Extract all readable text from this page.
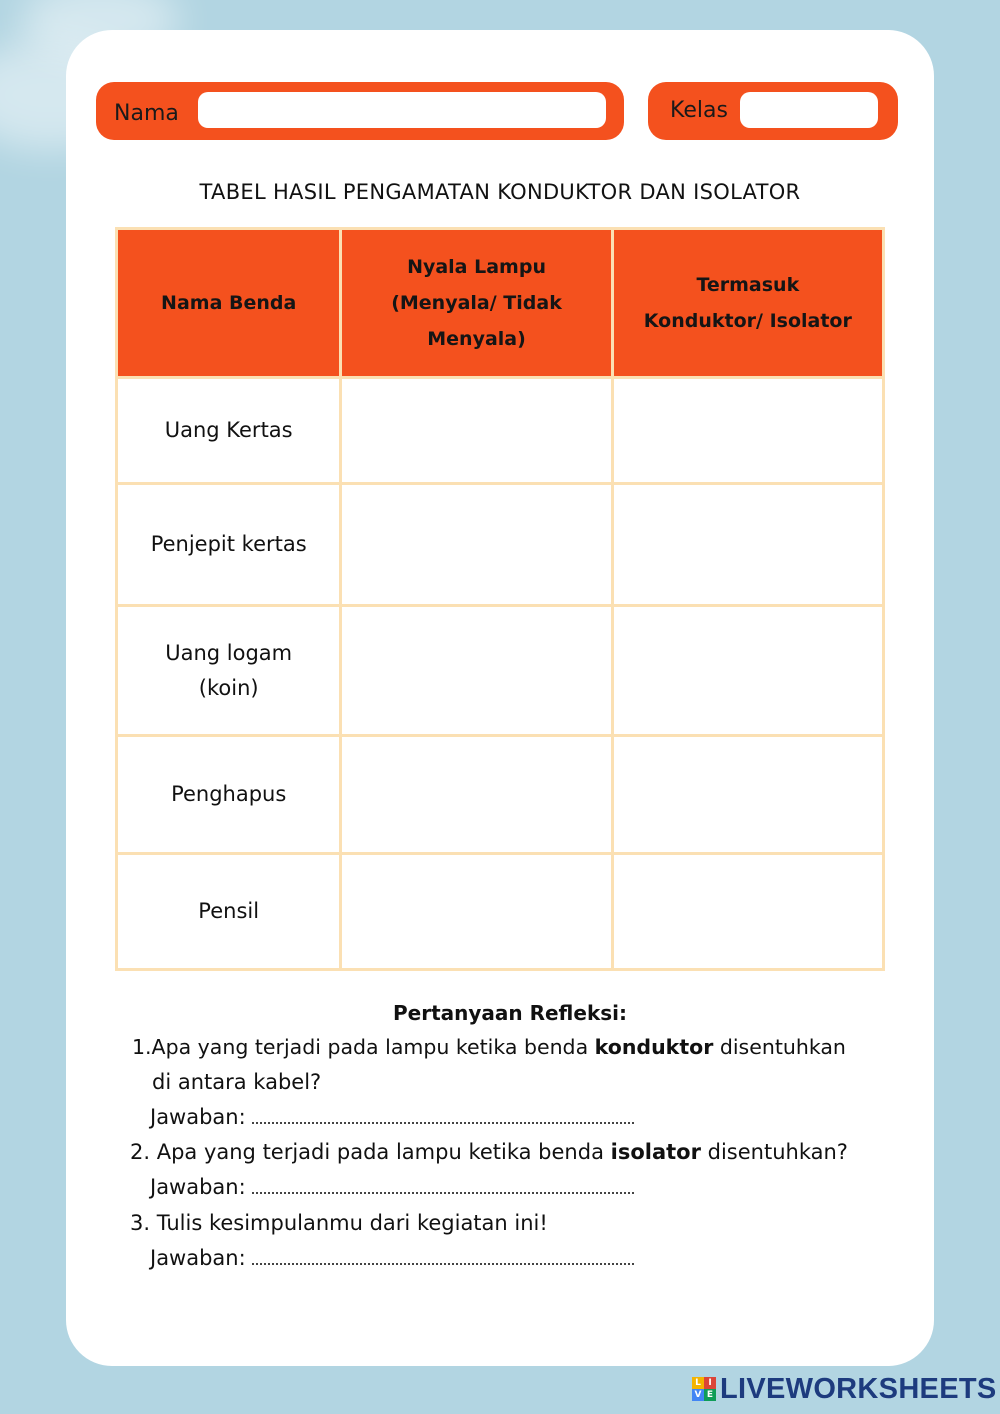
Nama	Kelas
TABEL HASIL PENGAMATAN KONDUKTOR DAN ISOLATOR
Nama Benda	Nyala Lampu (Menyala/ Tidak Menyala)	Termasuk Konduktor/ Isolator
Uang Kertas		
Penjepit kertas		
Uang logam (koin)		
Penghapus		
Pensil		
Pertanyaan Refleksi:
1.Apa yang terjadi pada lampu ketika benda konduktor disentuhkan
di antara kabel?
Jawaban:
2. Apa yang terjadi pada lampu ketika benda isolator disentuhkan?
Jawaban:
3. Tulis kesimpulanmu dari kegiatan ini!
Jawaban:
L I
V E LIVEWORKSHEETS
